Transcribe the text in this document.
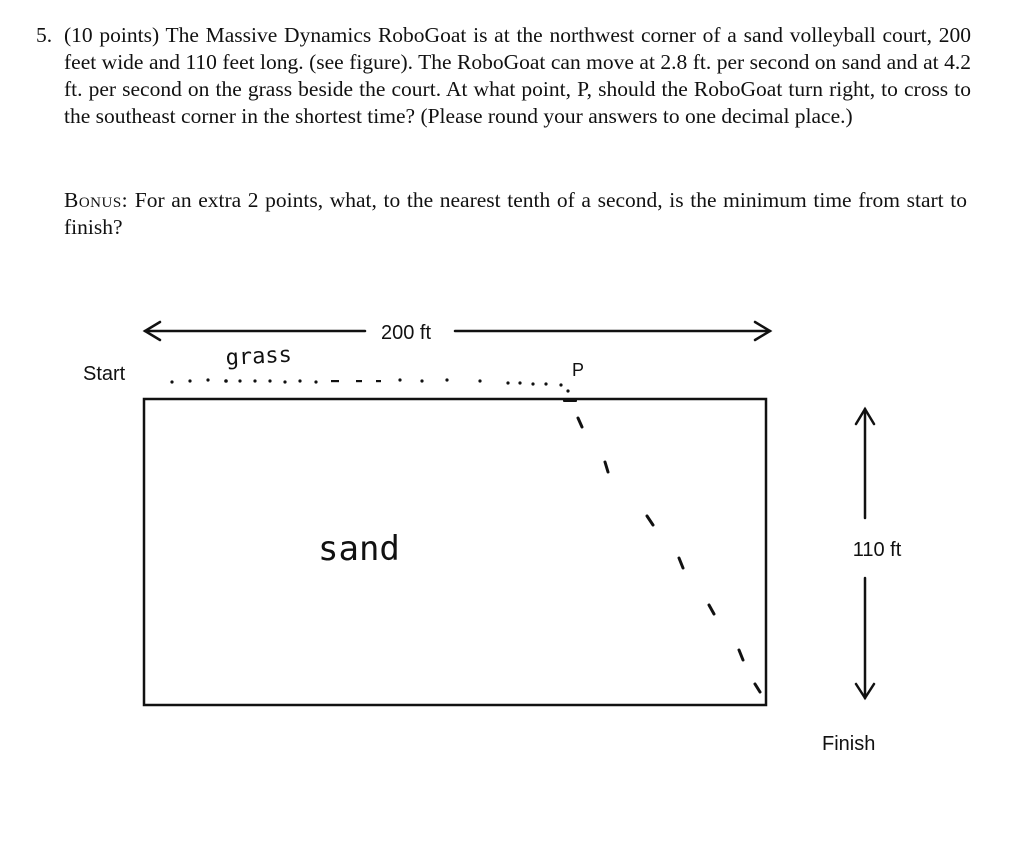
5. (10 points) The Massive Dynamics RoboGoat is at the northwest corner of a sand volleyball court, 200 feet wide and 110 feet long. (see figure). The RoboGoat can move at 2.8 ft. per second on sand and at 4.2 ft. per second on the grass beside the court. At what point, P, should the RoboGoat turn right, to cross to the southeast corner in the shortest time? (Please round your answers to one decimal place.)
Bonus: For an extra 2 points, what, to the nearest tenth of a second, is the minimum time from start to finish?
200 ft
Start
grass	P
sand	110 ft
Finish
